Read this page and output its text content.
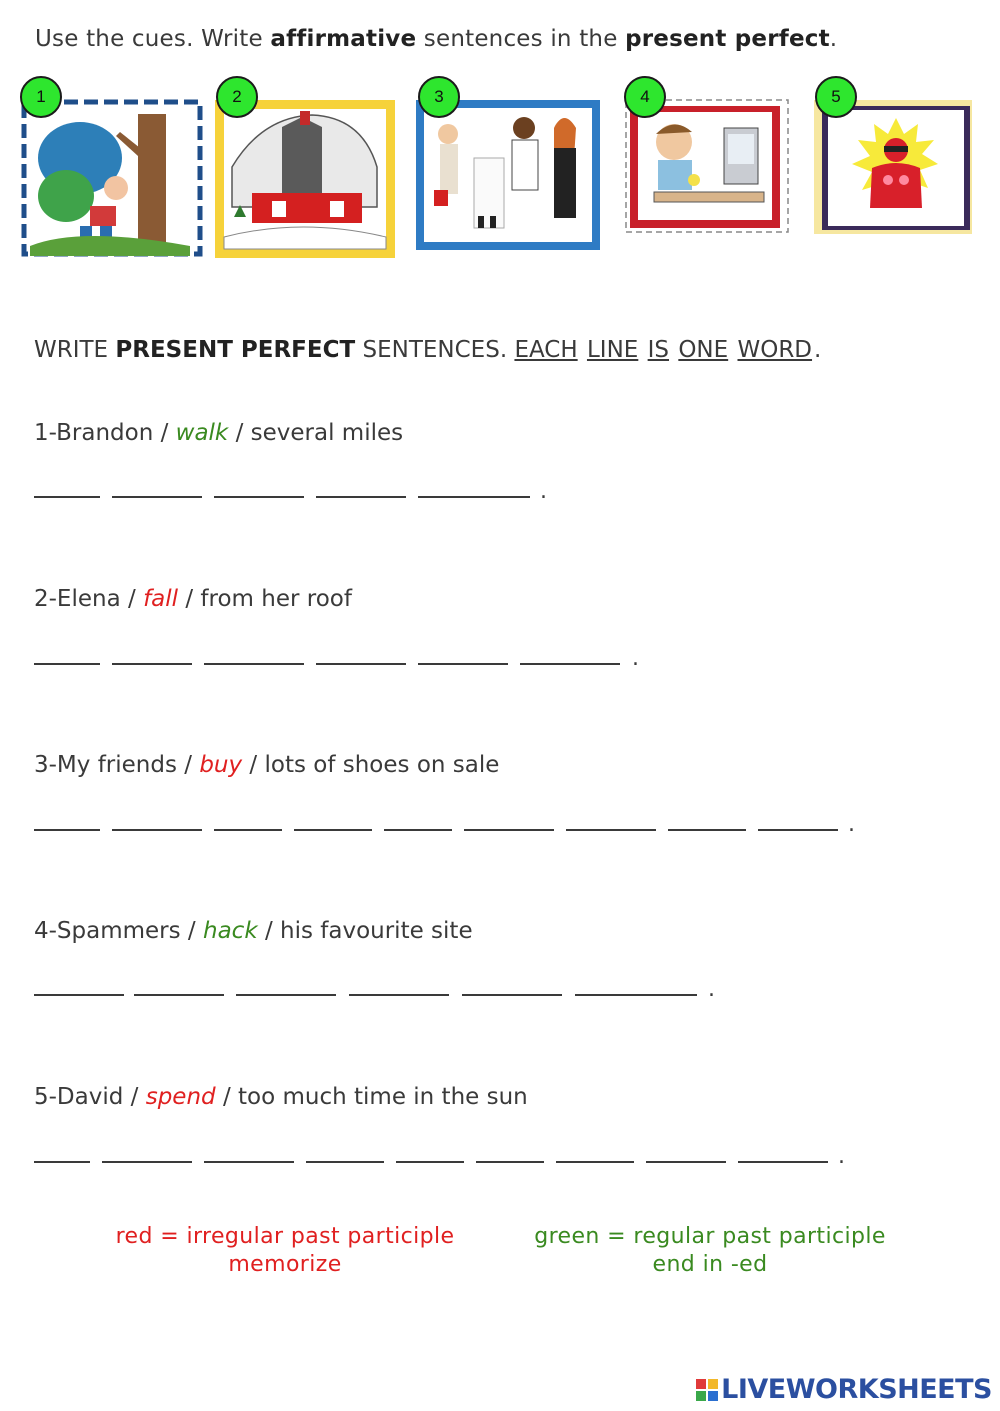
Use the cues. Write affirmative sentences in the present perfect.
1	2	3	4	5
WRITE PRESENT PERFECT SENTENCES. EACH LINE IS ONE WORD.
1-Brandon / walk / several miles
.
2-Elena / fall / from her roof
.
3-My friends / buy / lots of shoes on sale
.
4-Spammers / hack / his favourite site
.
5-David / spend / too much time in the sun
.
red = irregular past participle
memorize
green = regular past participle
end in -ed
LIVEWORKSHEETS
